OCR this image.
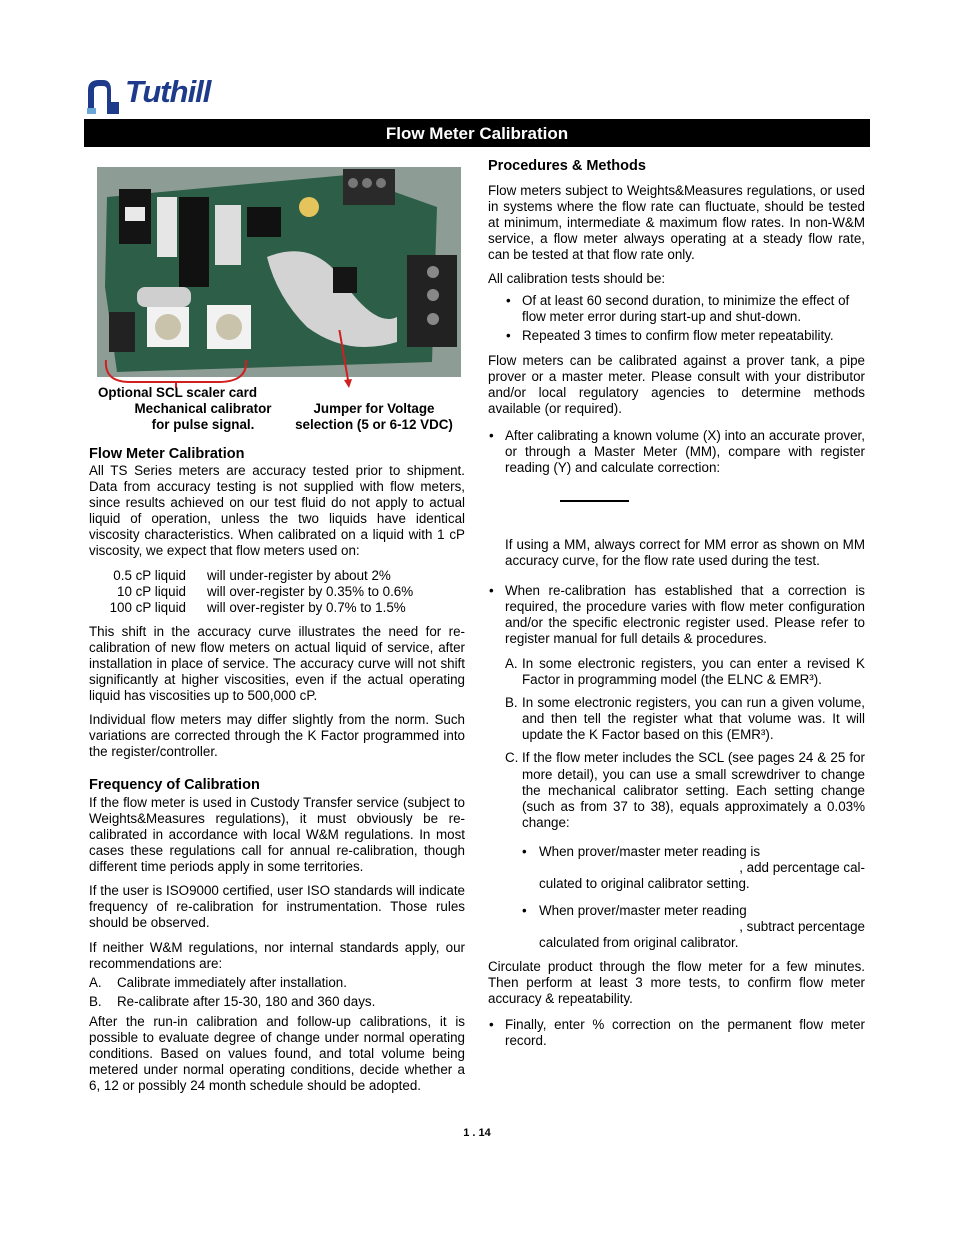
Tuthill
Flow Meter Calibration
Optional SCL scaler card
Mechanical calibrator
for pulse signal.
Jumper for Voltage
selection (5 or 6-12 VDC)
Flow Meter Calibration
All TS Series meters are accuracy tested prior to shipment. Data from accuracy testing is not supplied with flow meters, since results achieved on our test fluid do not apply to actual liquid of operation, unless the two liquids have identical viscosity characteristics. When calibrated on a liquid with 1 cP viscosity, we expect that flow meters used on:
0.5 cP liquid will under-register by about 2%
10 cP liquid will over-register by 0.35% to 0.6%
100 cP liquid will over-register by 0.7% to 1.5%
This shift in the accuracy curve illustrates the need for re-calibration of new flow meters on actual liquid of service, after installation in place of service. The accuracy curve will not shift significantly at higher viscosities, even if the actual operating liquid has viscosities up to 500,000 cP.
Individual flow meters may differ slightly from the norm. Such variations are corrected through the K Factor programmed into the register/controller.
Frequency of Calibration
If the flow meter is used in Custody Transfer service (subject to Weights&Measures regulations), it must obviously be re-calibrated in accordance with local W&M regulations. In most cases these regulations call for annual re-calibration, though different time periods apply in some territories.
If the user is ISO9000 certified, user ISO standards will indicate frequency of re-calibration for instrumentation. Those rules should be observed.
If neither W&M regulations, nor internal standards apply, our recommendations are:
A.	Calibrate immediately after installation.
B.	Re-calibrate after 15-30, 180 and 360 days.
After the run-in calibration and follow-up calibrations, it is possible to evaluate degree of change under normal operating conditions. Based on values found, and total volume being metered under normal operating conditions, decide whether a 6, 12 or possibly 24 month schedule should be adopted.
Procedures & Methods
Flow meters subject to Weights&Measures regulations, or used in systems where the flow rate can fluctuate, should be tested at minimum, intermediate & maximum flow rates. In non-W&M service, a flow meter always operating at a steady flow rate, can be tested at that flow rate only.
All calibration tests should be:
• Of at least 60 second duration, to minimize the effect of flow meter error during start-up and shut-down.
• Repeated 3 times to confirm flow meter repeatability.
Flow meters can be calibrated against a prover tank, a pipe prover or a master meter. Please consult with your distributor and/or local regulatory agencies to determine methods available (or required).
• After calibrating a known volume (X) into an accurate prover, or through a Master Meter (MM), compare with register reading (Y) and calculate correction:
If using a MM, always correct for MM error as shown on MM accuracy curve, for the flow rate used during the test.
• When re-calibration has established that a correction is required, the procedure varies with flow meter configuration and/or the specific electronic register used. Please refer to register manual for full details & procedures.
A. In some electronic registers, you can enter a revised K Factor in programming model (the ELNC & EMR³).
B. In some electronic registers, you can run a given volume, and then tell the register what that volume was. It will update the K Factor based on this (EMR³).
C. If the flow meter includes the SCL (see pages 24 & 25 for more detail), you can use a small screwdriver to change the mechanical calibrator setting. Each setting change (such as from 37 to 38), equals approximately a 0.03% change:
• When prover/master meter reading is
, add percentage cal-
culated to original calibrator setting.
• When prover/master meter reading
, subtract percentage
calculated from original calibrator.
Circulate product through the flow meter for a few minutes. Then perform at least 3 more tests, to confirm flow meter accuracy & repeatability.
• Finally, enter % correction on the permanent flow meter record.
1 . 14
